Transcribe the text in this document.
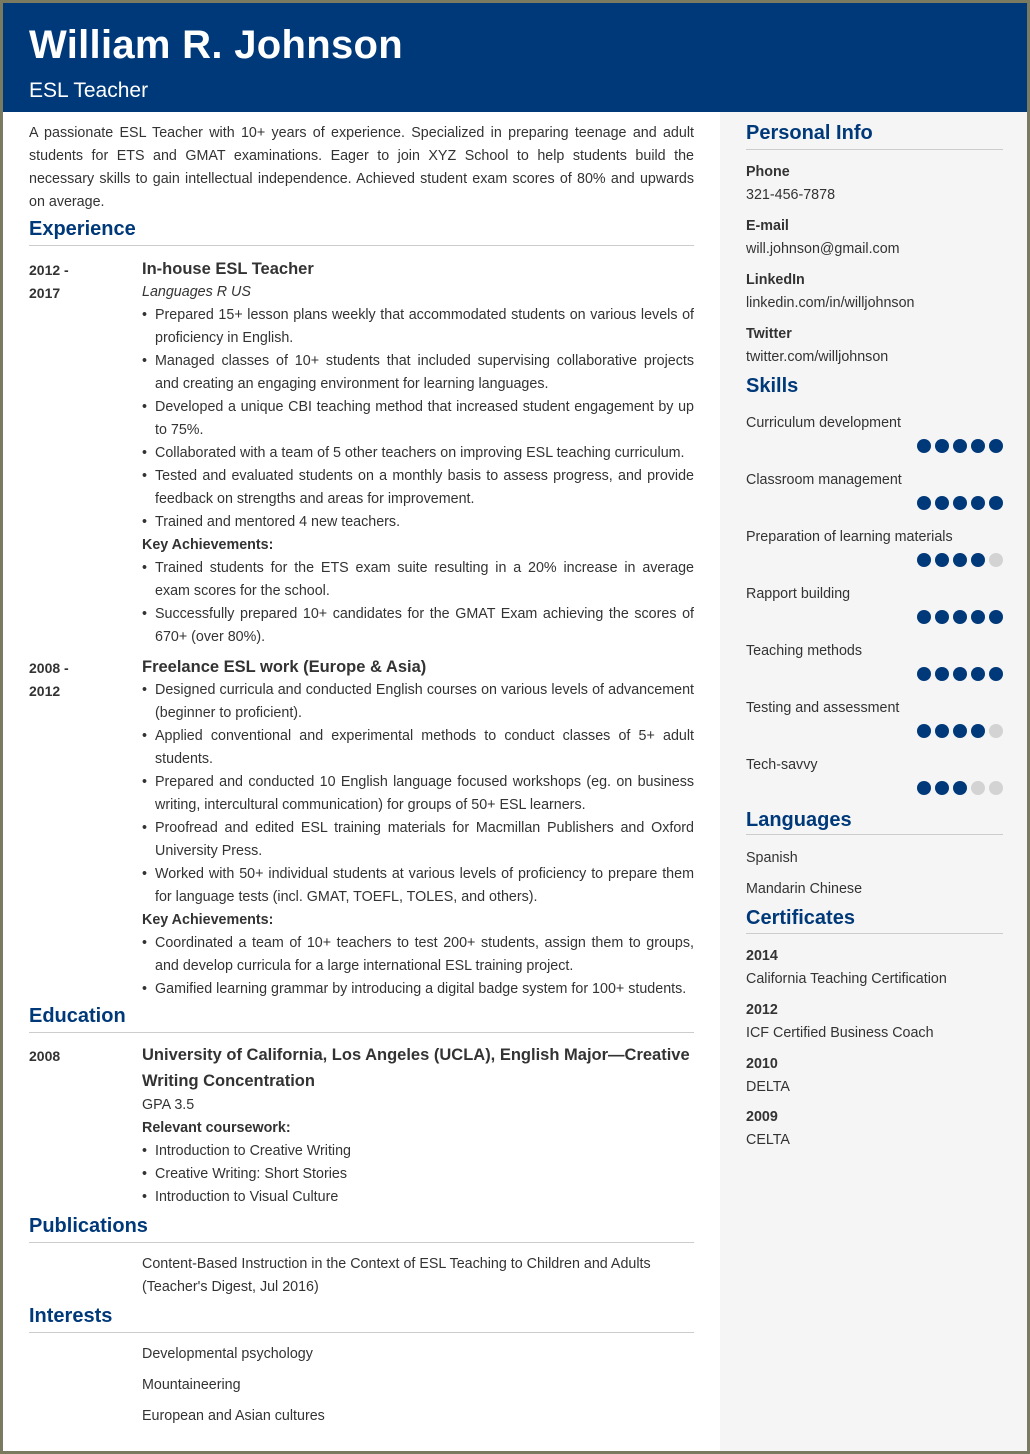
William R. Johnson
ESL Teacher

A passionate ESL Teacher with 10+ years of experience. Specialized in preparing teenage and adult students for ETS and GMAT examinations. Eager to join XYZ School to help students build the necessary skills to gain intellectual independence. Achieved student exam scores of 80% and upwards on average.

Experience
2012 -
2017
In-house ESL Teacher
Languages R US
• Prepared 15+ lesson plans weekly that accommodated students on various levels of proficiency in English.
• Managed classes of 10+ students that included supervising collaborative projects and creating an engaging environment for learning languages.
• Developed a unique CBI teaching method that increased student engagement by up to 75%.
• Collaborated with a team of 5 other teachers on improving ESL teaching curriculum.
• Tested and evaluated students on a monthly basis to assess progress, and provide feedback on strengths and areas for improvement.
• Trained and mentored 4 new teachers.
Key Achievements:
• Trained students for the ETS exam suite resulting in a 20% increase in average exam scores for the school.
• Successfully prepared 10+ candidates for the GMAT Exam achieving the scores of 670+ (over 80%).
2008 -
2012
Freelance ESL work (Europe & Asia)
• Designed curricula and conducted English courses on various levels of advancement (beginner to proficient).
• Applied conventional and experimental methods to conduct classes of 5+ adult students.
• Prepared and conducted 10 English language focused workshops (eg. on business writing, intercultural communication) for groups of 50+ ESL learners.
• Proofread and edited ESL training materials for Macmillan Publishers and Oxford University Press.
• Worked with 50+ individual students at various levels of proficiency to prepare them for language tests (incl. GMAT, TOEFL, TOLES, and others).
Key Achievements:
• Coordinated a team of 10+ teachers to test 200+ students, assign them to groups, and develop curricula for a large international ESL training project.
• Gamified learning grammar by introducing a digital badge system for 100+ students.
Education
2008	University of California, Los Angeles (UCLA), English Major—Creative Writing Concentration
GPA 3.5
Relevant coursework:
• Introduction to Creative Writing
• Creative Writing: Short Stories
• Introduction to Visual Culture
Publications
Content-Based Instruction in the Context of ESL Teaching to Children and Adults (Teacher's Digest, Jul 2016)
Interests
Developmental psychology
Mountaineering
European and Asian cultures
Personal Info
Phone
321-456-7878
E-mail
will.johnson@gmail.com
LinkedIn
linkedin.com/in/willjohnson
Twitter
twitter.com/willjohnson
Skills
Curriculum development
Classroom management
Preparation of learning materials
Rapport building
Teaching methods
Testing and assessment
Tech-savvy
Languages
Spanish
Mandarin Chinese
Certificates
2014
California Teaching Certification
2012
ICF Certified Business Coach
2010
DELTA
2009
CELTA
